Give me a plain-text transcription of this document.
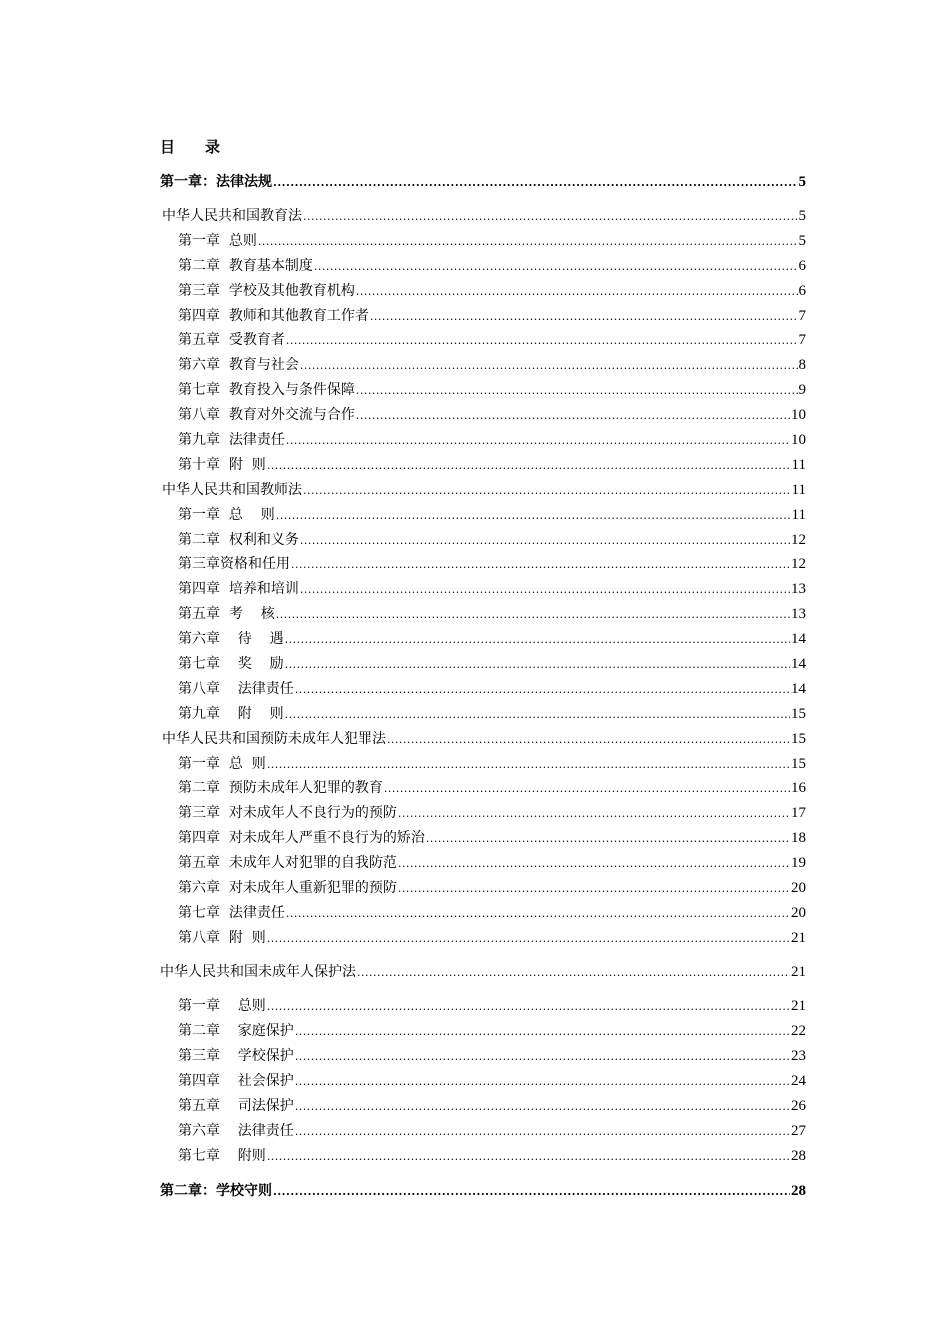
目　　录
第一章：法律法规 .....	5
中华人民共和国教育法 .....	5
第一章  总则 .....	5
第二章  教育基本制度 .....	6
第三章  学校及其他教育机构 .....	6
第四章  教师和其他教育工作者 .....	7
第五章  受教育者 .....	7
第六章  教育与社会 .....	8
第七章  教育投入与条件保障 .....	9
第八章  教育对外交流与合作 .....	10
第九章  法律责任 .....	10
第十章  附  则 .....	11
中华人民共和国教师法 .....	11
第一章  总    则 .....	11
第二章  权利和义务 .....	12
第三章资格和任用 .....	12
第四章  培养和培训 .....	13
第五章  考    核 .....	13
第六章    待    遇 .....	14
第七章    奖    励 .....	14
第八章    法律责任 .....	14
第九章    附    则 .....	15
中华人民共和国预防未成年人犯罪法 .....	15
第一章  总  则 .....	15
第二章  预防未成年人犯罪的教育 .....	16
第三章  对未成年人不良行为的预防 .....	17
第四章  对未成年人严重不良行为的矫治 .....	18
第五章  未成年人对犯罪的自我防范 .....	19
第六章  对未成年人重新犯罪的预防 .....	20
第七章  法律责任 .....	20
第八章  附  则 .....	21
中华人民共和国未成年人保护法 .....	21
第一章    总则 .....	21
第二章    家庭保护 .....	22
第三章    学校保护 .....	23
第四章    社会保护 .....	24
第五章    司法保护 .....	26
第六章    法律责任 .....	27
第七章    附则 .....	28
第二章：学校守则 .....	28
